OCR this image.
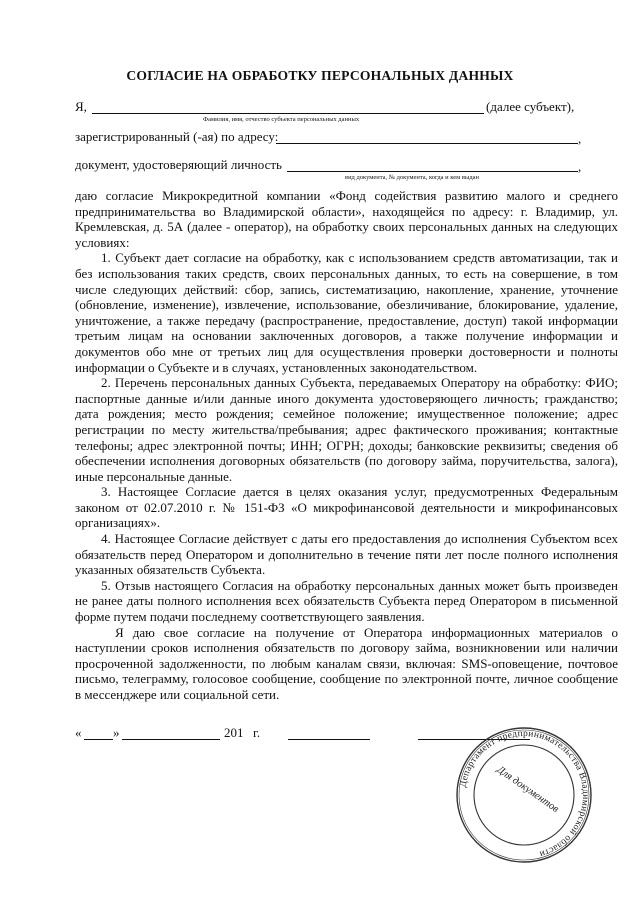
СОГЛАСИЕ НА ОБРАБОТКУ ПЕРСОНАЛЬНЫХ ДАННЫХ
Я,	(далее субъект),
Фамилия, имя, отчество субъекта персональных данных
зарегистрированный (-ая) по адресу:	,
документ, удостоверяющий личность	,
вид документа, № документа, когда и кем выдан

даю согласие Микрокредитной компании «Фонд содействия развитию малого и среднего предпринимательства во Владимирской области», находящейся по адресу: г. Владимир, ул. Кремлевская, д. 5А (далее - оператор), на обработку своих персональных данных на следующих условиях:

1. Субъект дает согласие на обработку, как с использованием средств автоматизации, так и без использования таких средств, своих персональных данных, то есть на совершение, в том числе следующих действий: сбор, запись, систематизацию, накопление, хранение, уточнение (обновление, изменение), извлечение, использование, обезличивание, блокирование, удаление, уничтожение, а также передачу (распространение, предоставление, доступ) такой информации третьим лицам на основании заключенных договоров, а также получение информации и документов обо мне от третьих лиц для осуществления проверки достоверности и полноты информации о Субъекте и в случаях, установленных законодательством.

2. Перечень персональных данных Субъекта, передаваемых Оператору на обработку: ФИО; паспортные данные и/или данные иного документа удостоверяющего личность; гражданство; дата рождения; место рождения; семейное положение; имущественное положение; адрес регистрации по месту жительства/пребывания; адрес фактического проживания; контактные телефоны; адрес электронной почты; ИНН; ОГРН; доходы; банковские реквизиты; сведения об обеспечении исполнения договорных обязательств (по договору займа, поручительства, залога), иные персональные данные.

3. Настоящее Согласие дается в целях оказания услуг, предусмотренных Федеральным законом от 02.07.2010 г. № 151-ФЗ «О микрофинансовой деятельности и микрофинансовых организациях».

4. Настоящее Согласие действует с даты его предоставления до исполнения Субъектом всех обязательств перед Оператором и дополнительно в течение пяти лет после полного исполнения указанных обязательств Субъекта.

5. Отзыв настоящего Согласия на обработку персональных данных может быть произведен не ранее даты полного исполнения всех обязательств Субъекта перед Оператором в письменной форме путем подачи последнему соответствующего заявления.

Я даю свое согласие на получение от Оператора информационных материалов о наступлении сроков исполнения обязательств по договору займа, возникновении или наличии просроченной задолженности, по любым каналам связи, включая: SMS-оповещение, почтовое письмо, телеграмму, голосовое сообщение, сообщение по электронной почте, личное сообщение в мессенджере или социальной сети.

« »	201 г.
Департамент предпринимательства Владимирской области
Для документов
